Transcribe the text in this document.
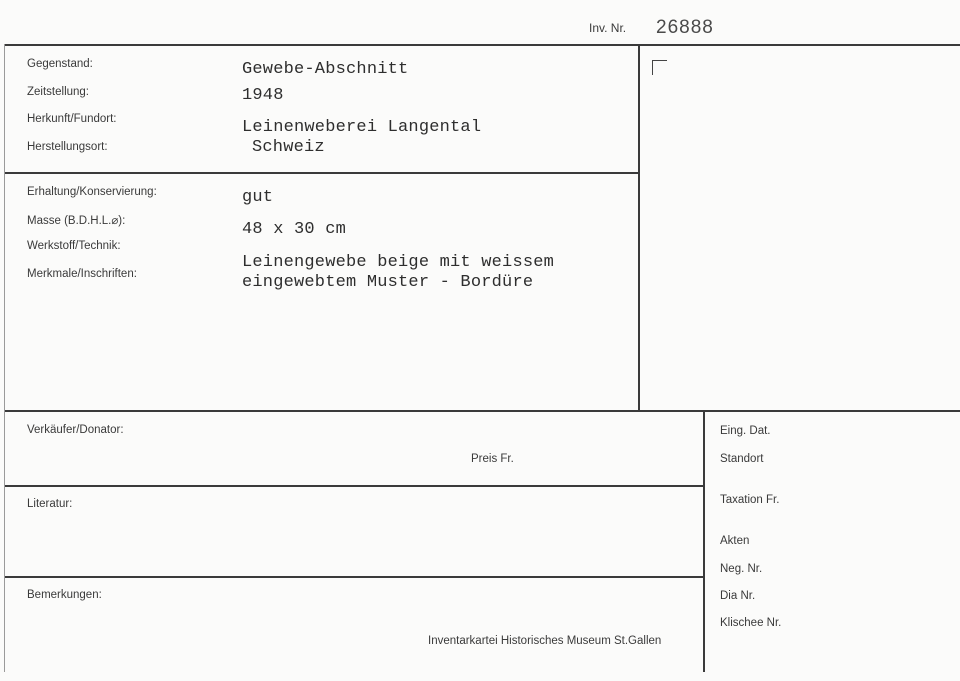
Inv. Nr. 26888
Gegenstand:
Zeitstellung:
Herkunft/Fundort:
Herstellungsort:
Gewebe-Abschnitt
1948
Leinenweberei Langental
Schweiz
Erhaltung/Konservierung:
Masse (B.D.H.L.⌀):
Werkstoff/Technik:
Merkmale/Inschriften:
gut
48 x 30 cm
Leinengewebe beige mit weissem
eingewebtem Muster - Bordüre
Verkäufer/Donator:
Preis Fr.
Literatur:
Bemerkungen:
Inventarkartei Historisches Museum St.Gallen
Eing. Dat.
Standort
Taxation Fr.
Akten
Neg. Nr.
Dia Nr.
Klischee Nr.
